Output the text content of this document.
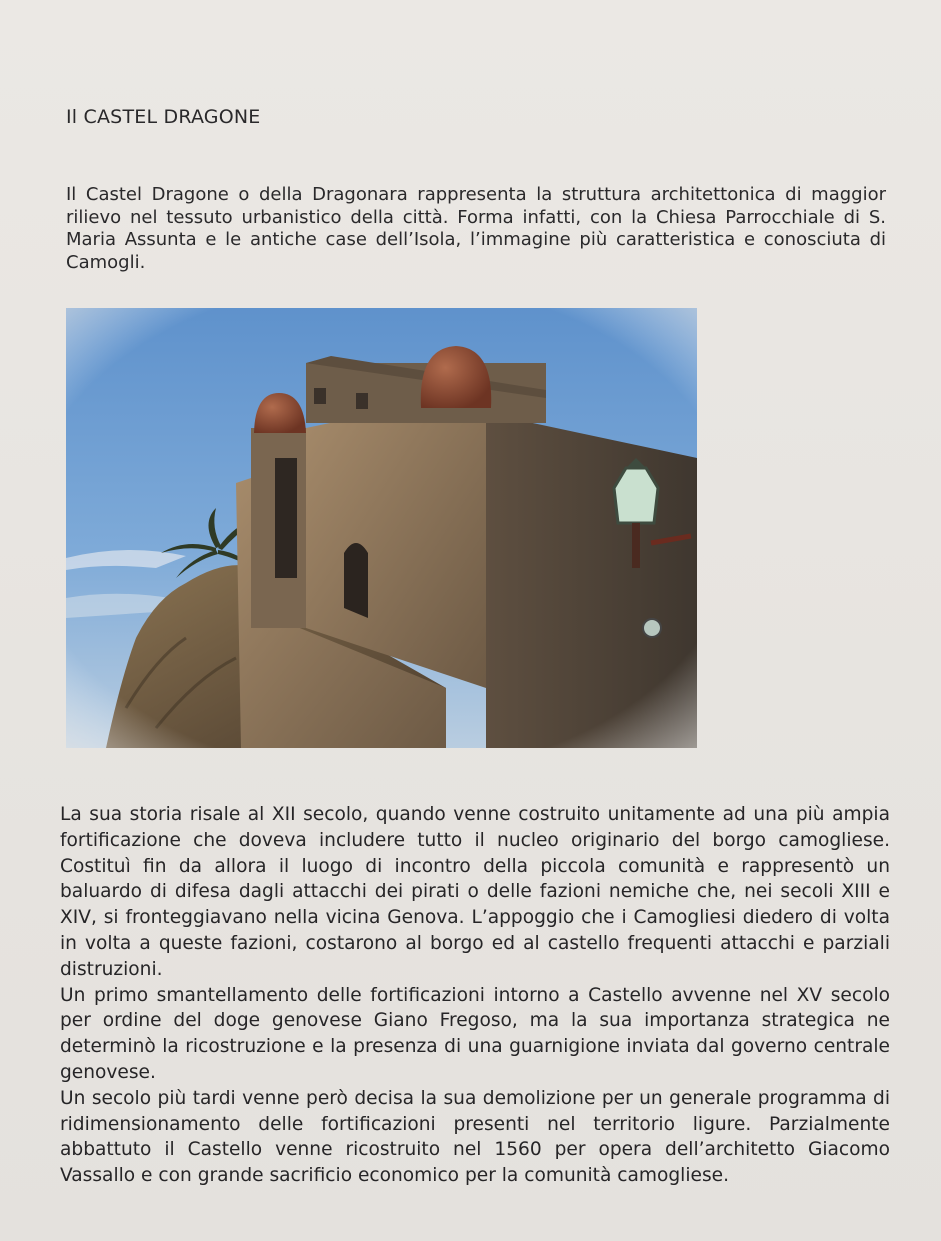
Il CASTEL DRAGONE
Il Castel Dragone o della Dragonara rappresenta la struttura architettonica di maggior rilievo nel tessuto urbanistico della città. Forma infatti, con la Chiesa Parrocchiale di S. Maria Assunta e le antiche case dell’Isola, l’immagine più caratteristica e conosciuta di Camogli.

La sua storia risale al XII secolo, quando venne costruito unitamente ad una più ampia fortificazione che doveva includere tutto il nucleo originario del borgo camogliese. Costituì fin da allora il luogo di incontro della piccola comunità e rappresentò un baluardo di difesa dagli attacchi dei pirati o delle fazioni nemiche che, nei secoli XIII e XIV, si fronteggiavano nella vicina Genova. L’appoggio che i Camogliesi diedero di volta in volta a queste fazioni, costarono al borgo ed al castello frequenti attacchi e parziali distruzioni.

Un primo smantellamento delle fortificazioni intorno a Castello avvenne nel XV secolo per ordine del doge genovese Giano Fregoso, ma la sua importanza strategica ne determinò la ricostruzione e la presenza di una guarnigione inviata dal governo centrale genovese.

Un secolo più tardi venne però decisa la sua demolizione per un generale programma di ridimensionamento delle fortificazioni presenti nel territorio ligure. Parzialmente abbattuto il Castello venne ricostruito nel 1560 per opera dell’architetto Giacomo Vassallo e con grande sacrificio economico per la comunità camogliese.
